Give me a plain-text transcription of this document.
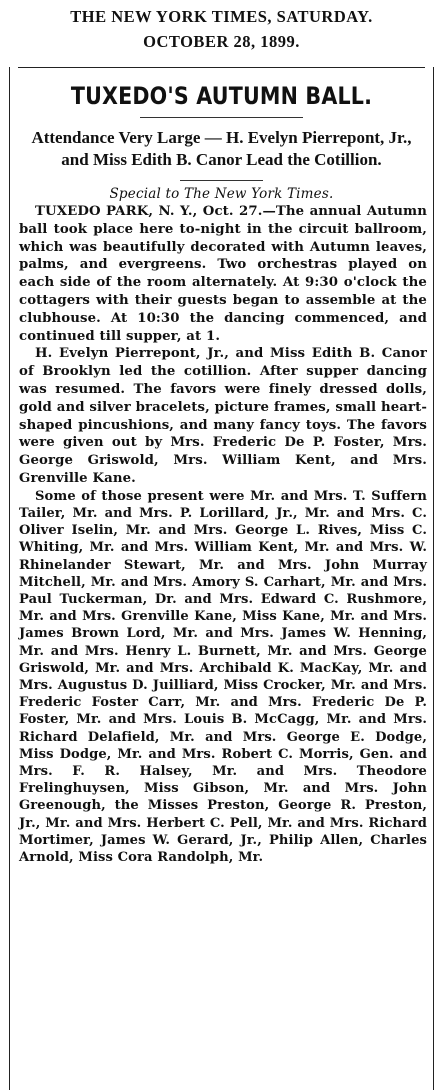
THE NEW YORK TIMES, SATURDAY.
OCTOBER 28, 1899.
TUXEDO'S AUTUMN BALL.
Attendance Very Large — H. Evelyn Pierrepont, Jr., and Miss Edith B. Canor Lead the Cotillion.
Special to The New York Times.

TUXEDO PARK, N. Y., Oct. 27.—The annual Autumn ball took place here to-night in the circuit ballroom, which was beautifully decorated with Autumn leaves, palms, and evergreens. Two orchestras played on each side of the room alternately. At 9:30 o'clock the cottagers with their guests began to assemble at the clubhouse. At 10:30 the dancing commenced, and continued till supper, at 1.

H. Evelyn Pierrepont, Jr., and Miss Edith B. Canor of Brooklyn led the cotillion. After supper dancing was resumed. The favors were finely dressed dolls, gold and silver bracelets, picture frames, small heart-shaped pincushions, and many fancy toys. The favors were given out by Mrs. Frederic De P. Foster, Mrs. George Griswold, Mrs. William Kent, and Mrs. Grenville Kane.

Some of those present were Mr. and Mrs. T. Suffern Tailer, Mr. and Mrs. P. Lorillard, Jr., Mr. and Mrs. C. Oliver Iselin, Mr. and Mrs. George L. Rives, Miss C. Whiting, Mr. and Mrs. William Kent, Mr. and Mrs. W. Rhinelander Stewart, Mr. and Mrs. John Murray Mitchell, Mr. and Mrs. Amory S. Carhart, Mr. and Mrs. Paul Tuckerman, Dr. and Mrs. Edward C. Rushmore, Mr. and Mrs. Grenville Kane, Miss Kane, Mr. and Mrs. James Brown Lord, Mr. and Mrs. James W. Henning, Mr. and Mrs. Henry L. Burnett, Mr. and Mrs. George Griswold, Mr. and Mrs. Archibald K. MacKay, Mr. and Mrs. Augustus D. Juilliard, Miss Crocker, Mr. and Mrs. Frederic Foster Carr, Mr. and Mrs. Frederic De P. Foster, Mr. and Mrs. Louis B. McCagg, Mr. and Mrs. Richard Delafield, Mr. and Mrs. George E. Dodge, Miss Dodge, Mr. and Mrs. Robert C. Morris, Gen. and Mrs. F. R. Halsey, Mr. and Mrs. Theodore Frelinghuysen, Miss Gibson, Mr. and Mrs. John Greenough, the Misses Preston, George R. Preston, Jr., Mr. and Mrs. Herbert C. Pell, Mr. and Mrs. Richard Mortimer, James W. Gerard, Jr., Philip Allen, Charles Arnold, Miss Cora Randolph, Mr.
